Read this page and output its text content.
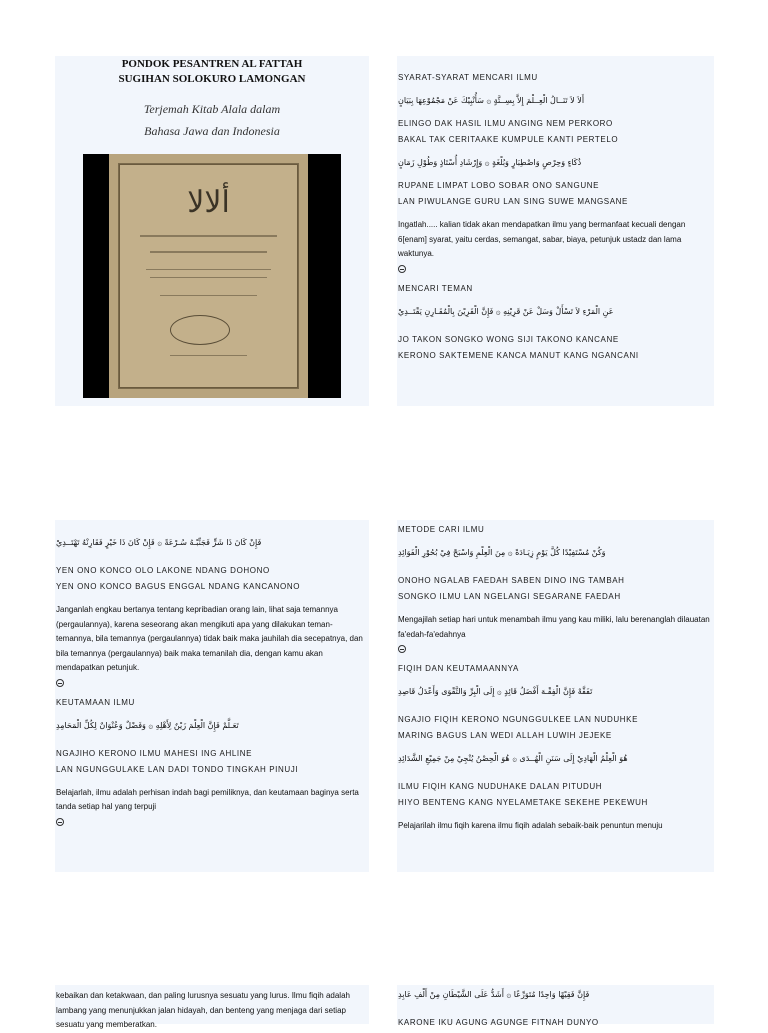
PONDOK PESANTREN AL FATTAH

SUGIHAN SOLOKURO LAMONGAN

Terjemah Kitab Alala dalam
Bahasa Jawa dan Indonesia
ألالا

SYARAT-SYARAT MENCARI ILMU

أَلاَ لاَ تَنَــالُ الْعِــلْمَ إِلاَّ بِسِــتَّةٍ ۞ سَأُنْبِيْكَ عَنْ مَجْمُوْعِهَا بِبَيَانٍ

ELINGO DAK HASIL ILMU ANGING NEM PERKORO

BAKAL TAK CERITAAKE KUMPULE KANTI PERTELO

ذُكَاءٍ وَحِرْصٍ وَاصْطِبَارٍ وَبُلْغَةٍ ۞ وَإِرْشَادِ أُسْتَاذٍ وَطُوْلِ زَمَانٍ

RUPANE LIMPAT LOBO SOBAR ONO SANGUNE

LAN PIWULANGE GURU LAN SING SUWE MANGSANE

Ingatlah..... kalian tidak akan mendapatkan ilmu yang bermanfaat kecuali dengan 6[enam] syarat, yaitu cerdas, semangat, sabar, biaya, petunjuk ustadz dan lama waktunya.

MENCARI TEMAN

عَنِ الْمَرْءِ لاَ تَسْأَلْ وَسَلْ عَنْ قَرِيْنِهِ ۞ فَإِنَّ الْقَرِيْنَ بِالْمُقَـارِنِ يَقْتَــدِيْ

JO TAKON SONGKO WONG SIJI TAKONO KANCANE

KERONO SAKTEMENE KANCA MANUT KANG NGANCANI

فَإِنْ كَانَ ذَا شَرٍّ فَجَنِّبْـهُ سُـرْعَةً ۞ فَإِنْ كَانَ ذَا خَيْرٍ فَقَارِنْهُ تَهْتَــدِيْ

YEN ONO KONCO OLO LAKONE NDANG DOHONO

YEN ONO KONCO BAGUS ENGGAL NDANG KANCANONO

Janganlah engkau bertanya tentang kepribadian orang lain, lihat saja temannya (pergaulannya), karena seseorang akan mengikuti apa yang dilakukan teman-temannya, bila temannya (pergaulannya) tidak baik maka jauhilah dia secepatnya, dan bila temannya (pergaulannya) baik maka temanilah dia, dengan kamu akan mendapatkan petunjuk.

KEUTAMAAN ILMU

تَعَـلَّمْ فَإِنَّ الْعِلْمَ زَيْنٌ لِأَهْلِهِ ۞ وَفَضْلٌ وَعُنْوَانٌ لِكُلِّ الْمَحَامِدِ

NGAJIHO KERONO ILMU MAHESI ING AHLINE

LAN NGUNGGULAKE LAN DADI TONDO TINGKAH PINUJI

Belajarlah, ilmu adalah perhisan indah bagi pemiliknya, dan keutamaan baginya serta tanda setiap hal yang terpuji

METODE CARI ILMU

وَكُنْ مُسْتَفِيْدًا كُلَّ يَوْمٍ زِيَـادَةً ۞ مِنَ الْعِلْمِ وَاسْبَحْ فِيْ بُحُوْرِ الْفَوَائِدِ

ONOHO NGALAB FAEDAH SABEN DINO ING TAMBAH

SONGKO ILMU LAN NGELANGI SEGARANE FAEDAH

Mengajilah setiap hari untuk menambah ilmu yang kau miliki, lalu berenanglah dilauatan fa'edah-fa'edahnya

FIQIH DAN KEUTAMAANNYA

تَفَقَّهْ فَإِنَّ الْفِقْـهَ أَفْضَلُ قَائِدٍ ۞ إِلَى الْبِرِّ وَالتَّقْوَى وَأَعْدَلُ قَاصِدِ

NGAJIO FIQIH KERONO NGUNGGULKEE LAN NUDUHKE

MARING BAGUS LAN WEDI ALLAH LUWIH JEJEKE

هُوَ الْعِلْمُ الْهَادِيْ إِلَى سَنَنِ الْهُــدَى ۞ هُوَ الْحِصْنُ يُنْجِيْ مِنْ جَمِيْعِ الشَّدَائِدِ

ILMU FIQIH KANG NUDUHAKE DALAN PITUDUH

HIYO BENTENG KANG NYELAMETAKE SEKEHE PEKEWUH

Pelajarilah ilmu fiqih karena ilmu fiqih adalah sebaik-baik penuntun menuju

kebaikan dan ketakwaan, dan paling lurusnya sesuatu yang lurus. Ilmu fiqih adalah lambang yang menunjukkan jalan hidayah, dan benteng yang menjaga dari setiap sesuatu yang memberatkan.

فَإِنَّ فَقِيْهًا وَاحِدًا مُتَوَرِّعًا ۞ أَشَدُّ عَلَى الشَّيْطَانِ مِنْ أَلْفِ عَابِدِ

KARONE IKU AGUNG AGUNGE FITNAH DUNYO
